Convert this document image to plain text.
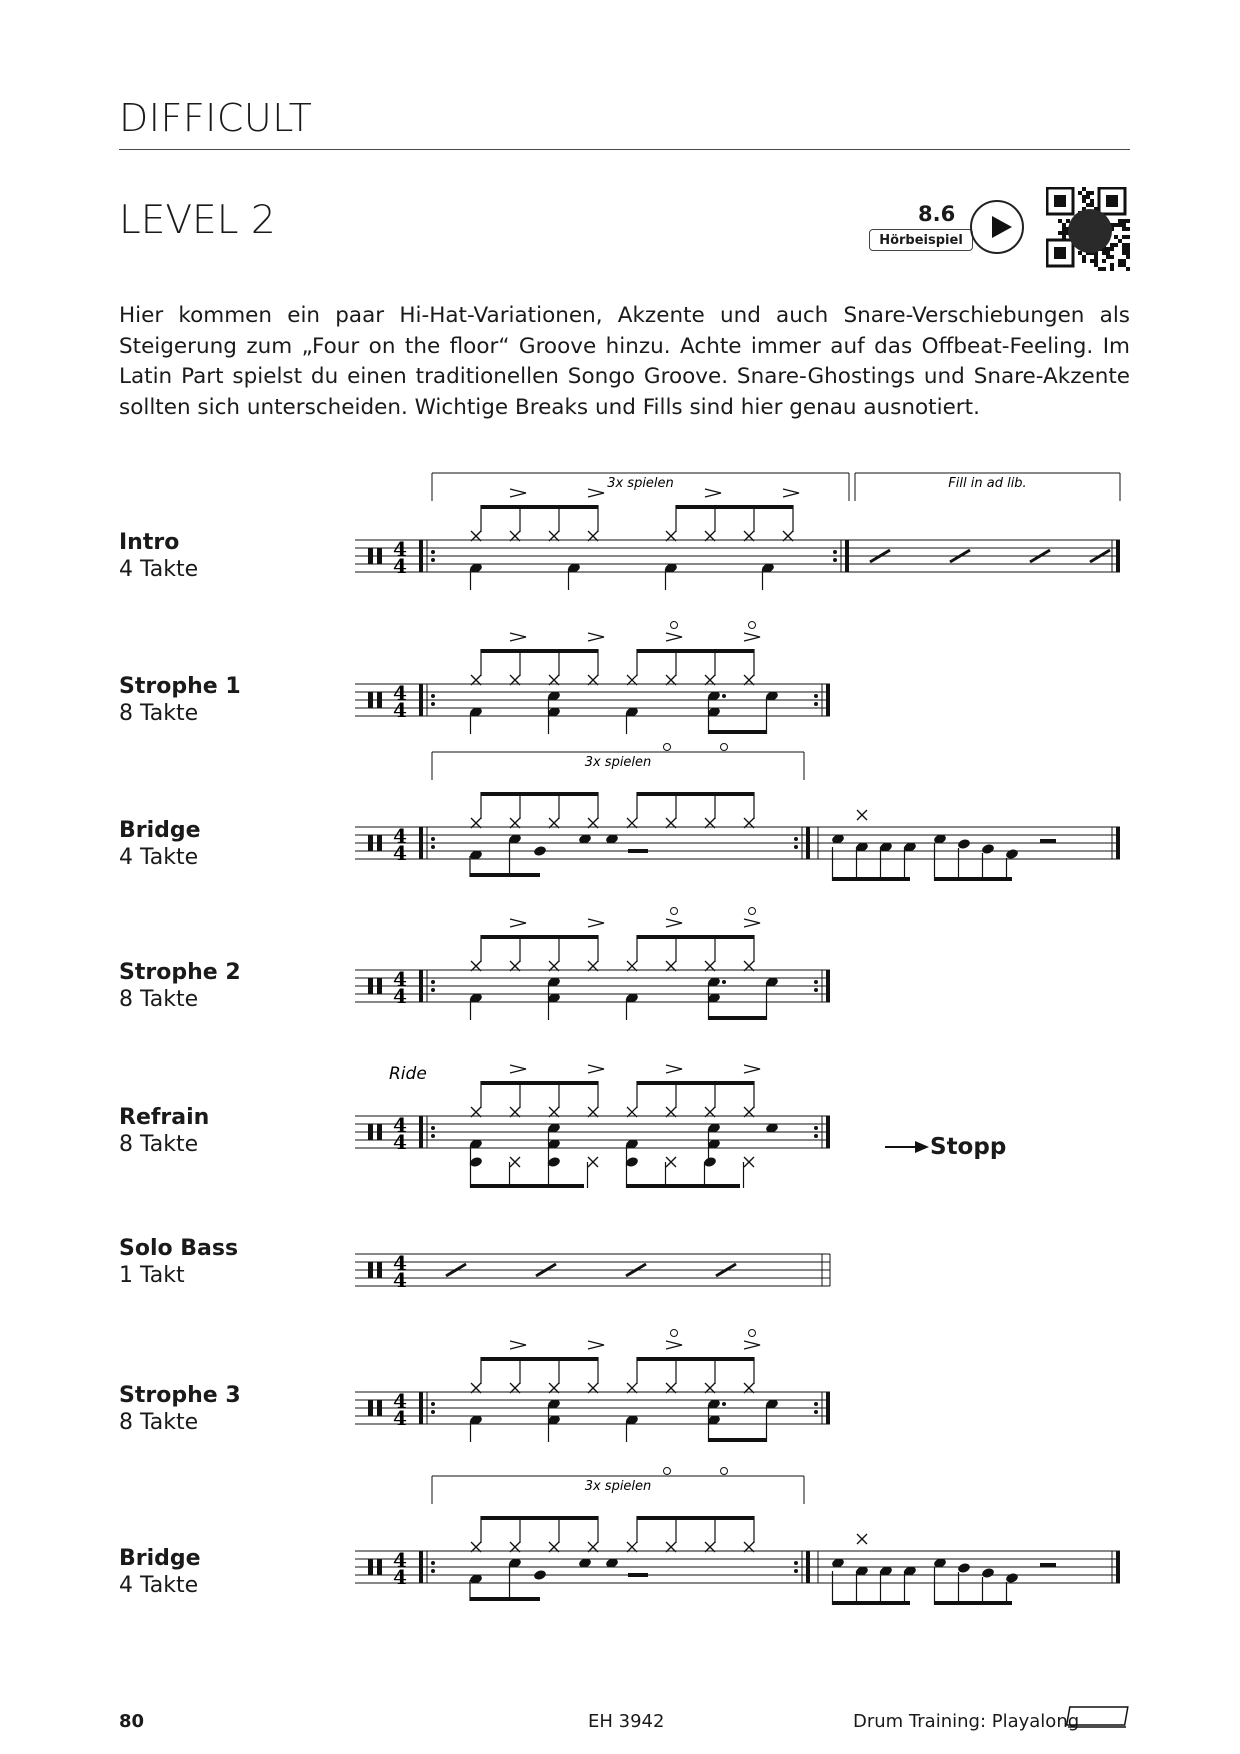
DIFFICULT
LEVEL 2	8.6
Hörbeispiel
Hier kommen ein paar Hi-Hat-Variationen, Akzente und auch Snare-Verschiebungen als Steigerung zum „Four on the floor“ Groove hinzu. Achte immer auf das Offbeat-Feeling. Im Latin Part spielst du einen traditionellen Songo Groove. Snare-Ghostings und Snare-Akzente sollten sich unterscheiden. Wichtige Breaks und Fills sind hier genau ausnotiert.
Intro
4 Takte
Strophe 1
8 Takte
Bridge
4 Takte
Strophe 2
8 Takte
Refrain
8 Takte
Solo Bass
1 Takt
Strophe 3
8 Takte
Bridge
4 Takte
4
4
3x spielen	Fill in ad lib.
4
4
4
4
4
4
4
4
3x spielen
4
4
3x spielen
4
4
Ride
4
4
Stopp
80	EH 3942	Drum Training: Playalong
